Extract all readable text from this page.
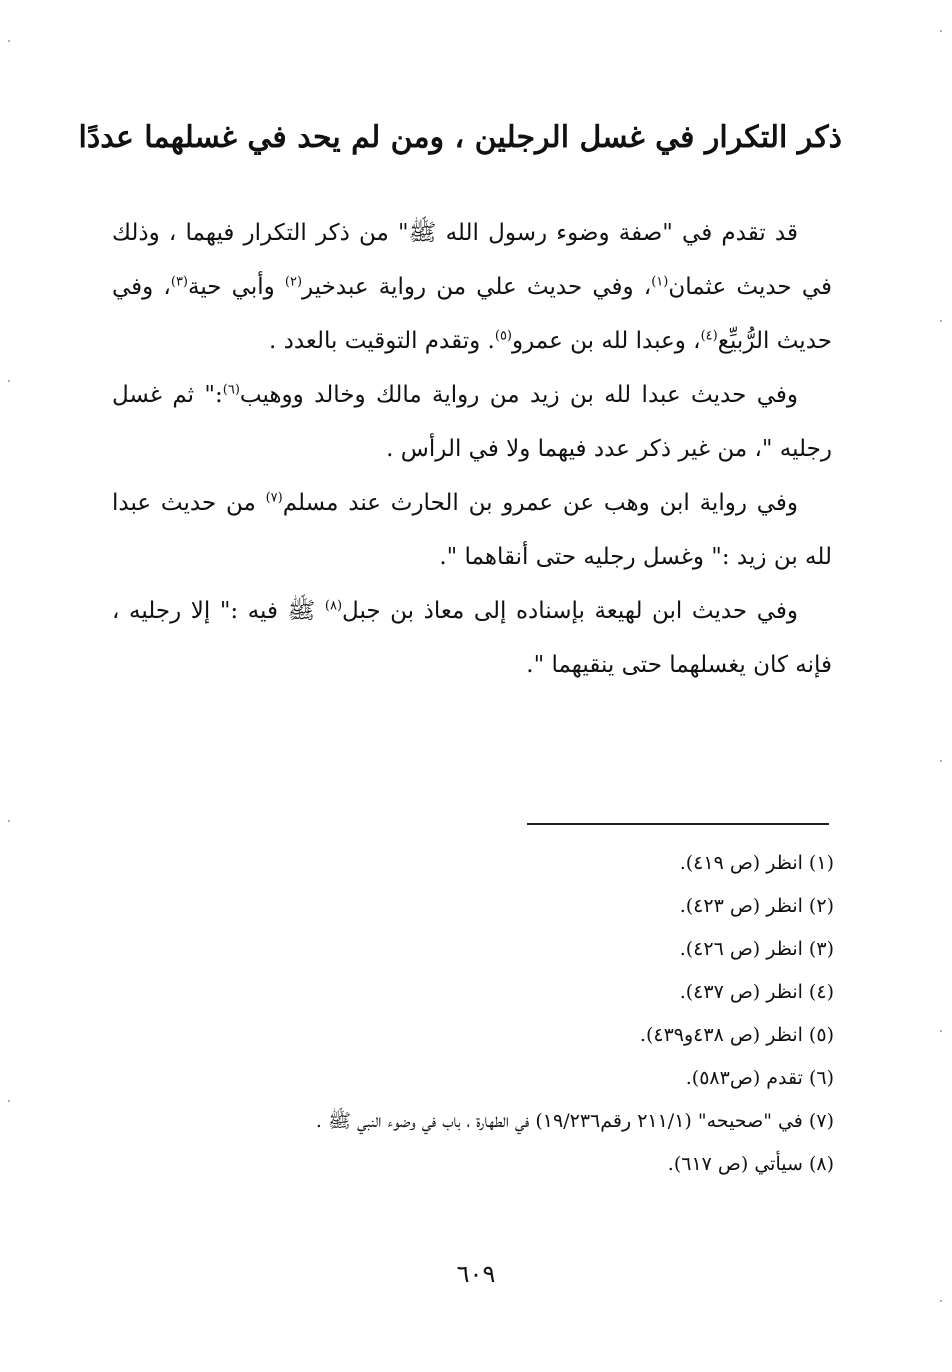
ذكر التكرار في غسل الرجلين ، ومن لم يحد في غسلهما عددًا

قد تقدم في "صفة وضوء رسول الله ﷺ" من ذكر التكرار فيهما ، وذلك في حديث عثمان$^{(١)}$، وفي حديث علي من رواية عبدخير$^{(٢)}$ وأبي حية$^{(٣)}$، وفي حديث الرُّبيِّع$^{(٤)}$، وعبدا لله بن عمرو$^{(٥)}$. وتقدم التوقيت بالعدد .

وفي حديث عبدا لله بن زيد من رواية مالك وخالد ووهيب$^{(٦)}$:" ثم غسل رجليه "، من غير ذكر عدد فيهما ولا في الرأس .

وفي رواية ابن وهب عن عمرو بن الحارث عند مسلم$^{(٧)}$ من حديث عبدا لله بن زيد :" وغسل رجليه حتى أنقاهما ".

وفي حديث ابن لهيعة بإسناده إلى معاذ بن جبل$^{(٨)}$ ﷺ فيه :" إلا رجليه ، فإنه كان يغسلهما حتى ينقيهما ".

(١) انظر (ص ٤١٩).
(٢) انظر (ص ٤٢٣).
(٣) انظر (ص ٤٢٦).
(٤) انظر (ص ٤٣٧).
(٥) انظر (ص ٤٣٨و٤٣٩).
(٦) تقدم (ص٥٨٣).
(٧) في "صحيحه" (٢١١/١ رقم١٩/٢٣٦) في الطهارة ، باب في وضوء النبي ﷺ .
(٨) سيأتي (ص ٦١٧).
٦٠٩
